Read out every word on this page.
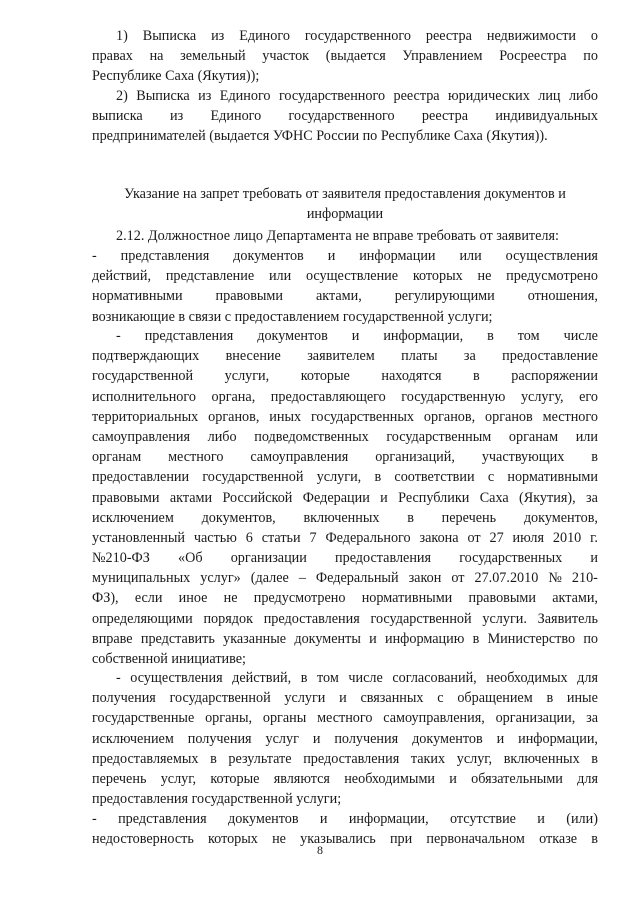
1) Выписка из Единого государственного реестра недвижимости о
правах на земельный участок (выдается Управлением Росреестра по
Республике Саха (Якутия));
2) Выписка из Единого государственного реестра юридических лиц либо
выписка из Единого государственного реестра индивидуальных
предпринимателей (выдается УФНС России по Республике Саха (Якутия)).
Указание на запрет требовать от заявителя предоставления документов и
информации
2.12. Должностное лицо Департамента не вправе требовать от заявителя:
- представления документов и информации или осуществления
действий, представление или осуществление которых не предусмотрено
нормативными правовыми актами, регулирующими отношения,
возникающие в связи с предоставлением государственной услуги;
- представления документов и информации, в том числе
подтверждающих внесение заявителем платы за предоставление
государственной услуги, которые находятся в распоряжении
исполнительного органа, предоставляющего государственную услугу, его
территориальных органов, иных государственных органов, органов местного
самоуправления либо подведомственных государственным органам или
органам местного самоуправления организаций, участвующих в
предоставлении государственной услуги, в соответствии с нормативными
правовыми актами Российской Федерации и Республики Саха (Якутия), за
исключением документов, включенных в перечень документов,
установленный частью 6 статьи 7 Федерального закона от 27 июля 2010 г.
№210-ФЗ «Об организации предоставления государственных и
муниципальных услуг» (далее – Федеральный закон от 27.07.2010 № 210-
ФЗ), если иное не предусмотрено нормативными правовыми актами,
определяющими порядок предоставления государственной услуги. Заявитель
вправе представить указанные документы и информацию в Министерство по
собственной инициативе;
- осуществления действий, в том числе согласований, необходимых для
получения государственной услуги и связанных с обращением в иные
государственные органы, органы местного самоуправления, организации, за
исключением получения услуг и получения документов и информации,
предоставляемых в результате предоставления таких услуг, включенных в
перечень услуг, которые являются необходимыми и обязательными для
предоставления государственной услуги;
- представления документов и информации, отсутствие и (или)
недостоверность которых не указывались при первоначальном отказе в
8
